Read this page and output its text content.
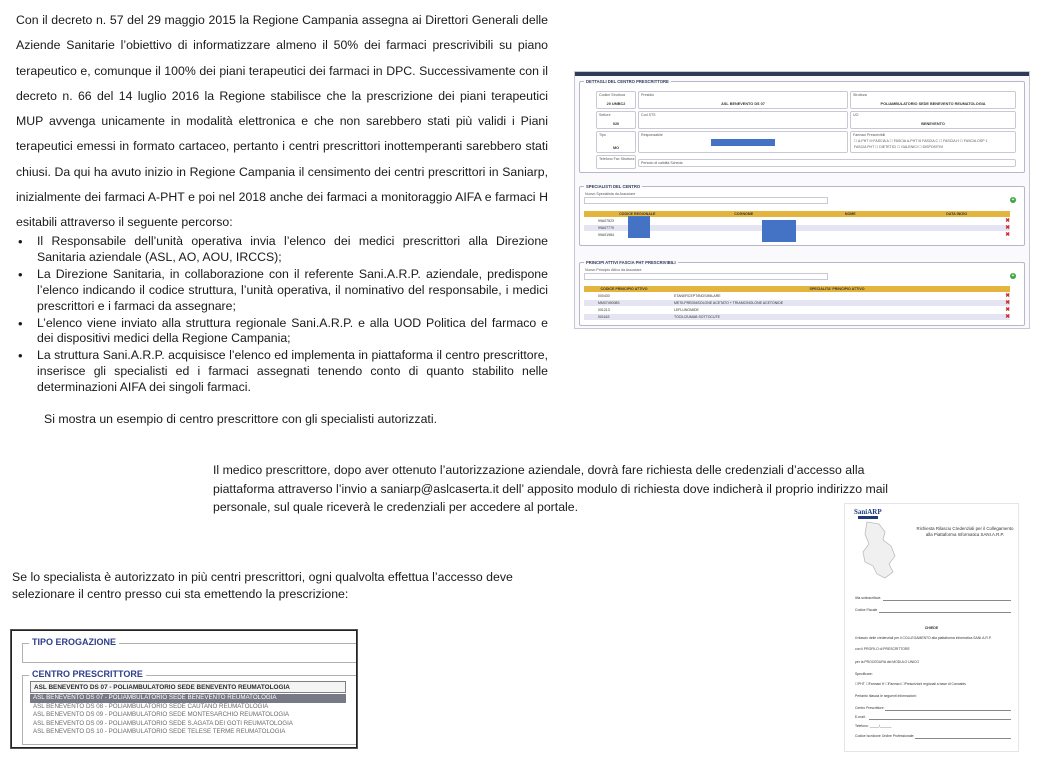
Con il decreto n. 57 del 29 maggio 2015 la Regione Campania assegna ai Direttori Generali delle Aziende Sanitarie l’obiettivo di informatizzare almeno il 50% dei farmaci prescrivibili su piano terapeutico e, comunque il 100% dei piani terapeutici dei farmaci in DPC. Successivamente con il decreto n. 66 del 14 luglio 2016 la Regione stabilisce che la prescrizione dei piani terapeutici MUP avvenga unicamente in modalità elettronica e che non sarebbero stati più validi i Piani terapeutici emessi in formato cartaceo, pertanto i centri prescrittori inottemperanti sarebbero stati chiusi. Da qui ha avuto inizio in Regione Campania il censimento dei centri prescrittori in Saniarp, inizialmente dei farmaci A-PHT e poi nel 2018 anche dei farmaci a monitoraggio AIFA e farmaci H esitabili attraverso il seguente percorso:

• Il Responsabile dell’unità operativa invia l’elenco dei medici prescrittori alla Direzione Sanitaria aziendale (ASL, AO, AOU, IRCCS);
• La Direzione Sanitaria, in collaborazione con il referente Sani.A.R.P. aziendale, predispone l’elenco indicando il codice struttura, l’unità operativa, il nominativo del responsabile, i medici prescrittori e i farmaci da assegnare;
• L’elenco viene inviato alla struttura regionale Sani.A.R.P. e alla UOD Politica del farmaco e dei dispositivi medici della Regione Campania;
• La struttura Sani.A.R.P. acquisisce l’elenco ed implementa in piattaforma il centro prescrittore, inserisce gli specialisti ed i farmaci assegnati tenendo conto di quanto stabilito nelle determinazioni AIFA dei singoli farmaci.

Si mostra un esempio di centro prescrittore con gli specialisti autorizzati.

DETTAGLI DEL CENTRO PRESCRITTORE
Codice Struttura
20 UMBC2
Presidio
ASL BENEVENTO DS 07
Struttura
POLIAMBULATORIO SEDE BENEVENTO REUMATOLOGIA
Settore
020
Cod STS	UO
BENEVENTO
Tipo
MO
Responsabile	Farmaci Prescrivibili
☐ A-PHT ☒ FASCIA A ☐ FASCIA A-PHT ☒ FASCIA C ☐ FASCIA H ☐ FASCIA OSP 1
FASCIA PHT ☐ DIETETICI ☐ GALENICI ☐ DISPOSITIVI
Telefono Fax Struttura
Periodo di validità Scheda
SPECIALISTI DEL CENTRO
Nuovo Specialista da Associare
+
CODICE REGIONALE	COGNOME	NOME	DATA INIZIO
99A07523	✖
99A07779	✖
99A01984	✖
PRINCIPI ATTIVI FASCIA PHT PRESCRIVIBILI
Nuovo Principio Attivo da Associare
+
CODICE PRINCIPIO ATTIVO	SPECIALITA' PRINCIPIO ATTIVO
000430	ETANERCEPT/BIOSIMILARE	✖
MM07490083	METILPREDNISOLONE ACETATO + TRIAMCINOLONE ACETONIDE	✖
001213	LEFLUNOMIDE	✖
001163	TOCILIZUMAB SOTTOCUTE	✖

Il medico prescrittore, dopo aver ottenuto l’autorizzazione aziendale, dovrà fare richiesta delle credenziali d’accesso alla piattaforma attraverso l’invio a saniarp@aslcaserta.it dell’ apposito modulo di richiesta dove indicherà il proprio indirizzo mail personale, sul quale riceverà le credenziali per accedere al portale.	SaniARP
Richiesta Rilascio Credenziali per il Collegamento alla Piattaforma Informatica SANI.A.R.P.
Il/la sottoscritto/a
Codice Fiscale
CHIEDE
il rilascio delle credenziali per il COLLEGAMENTO alla piattaforma informatica SANI.A.R.P.
con il PROFILO di PRESCRITTORE
per la PROCEDURA del MODULO UNICO
Specificare:
☐PHT ☐Farmaci H ☐Farmaci ☐Prescrizioni regionali a base di Cannabis
Pertanto rilascia le seguenti informazioni:
Centro Prescrittore:
E-mail:
Telefono: _____/______
Codice Iscrizione Ordine Professionale:

Se lo specialista è autorizzato in più centri prescrittori, ogni qualvolta effettua l’accesso deve selezionare il centro presso cui sta emettendo la prescrizione:

TIPO EROGAZIONE
CENTRO PRESCRITTORE
ASL BENEVENTO DS 07 - POLIAMBULATORIO SEDE BENEVENTO REUMATOLOGIA
ASL BENEVENTO DS 07 - POLIAMBULATORIO SEDE BENEVENTO REUMATOLOGIA
ASL BENEVENTO DS 08 - POLIAMBULATORIO SEDE CAUTANO REUMATOLOGIA
ASL BENEVENTO DS 09 - POLIAMBULATORIO SEDE MONTESARCHIO REUMATOLOGIA
ASL BENEVENTO DS 09 - POLIAMBULATORIO SEDE S.AGATA DEI GOTI REUMATOLOGIA
ASL BENEVENTO DS 10 - POLIAMBULATORIO SEDE TELESE TERME REUMATOLOGIA
